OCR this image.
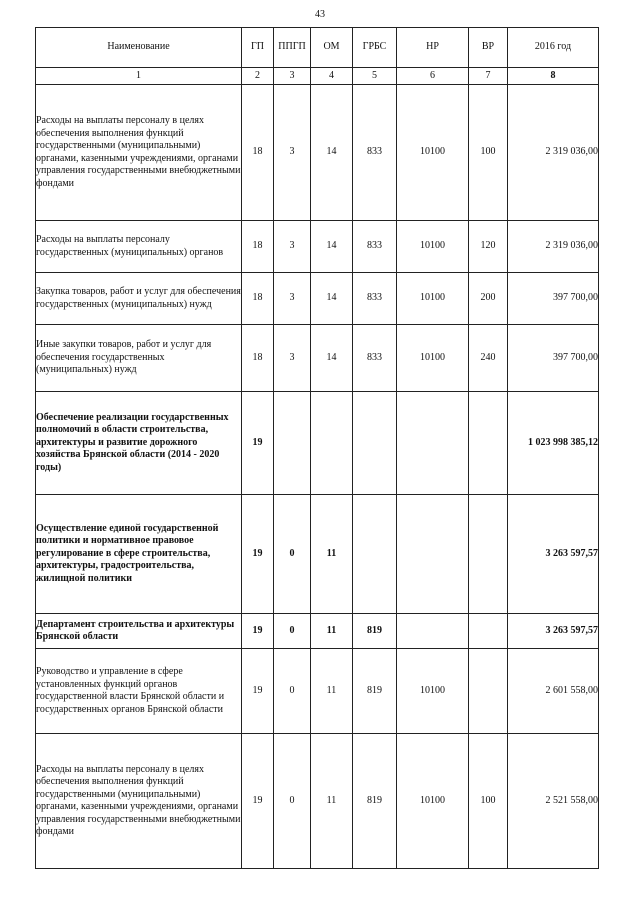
43
Наименование	ГП	ППГП	ОМ	ГРБС	НР	ВР	2016 год
1	2	3	4	5	6	7	8
Расходы на выплаты персоналу в целях обеспечения выполнения функций государственными (муниципальными) органами, казенными учреждениями, органами управления государственными внебюджетными фондами	18	3	14	833	10100	100	2 319 036,00
Расходы на выплаты персоналу государственных (муниципальных) органов	18	3	14	833	10100	120	2 319 036,00
Закупка товаров, работ и услуг для обеспечения государственных (муниципальных) нужд	18	3	14	833	10100	200	397 700,00
Иные закупки товаров, работ и услуг для обеспечения государственных (муниципальных) нужд	18	3	14	833	10100	240	397 700,00
Обеспечение реализации государственных полномочий в области строительства, архитектуры и развитие дорожного хозяйства Брянской области (2014 - 2020 годы)	19						1 023 998 385,12
Осуществление единой государственной политики и нормативное правовое регулирование в сфере строительства, архитектуры, градостроительства, жилищной политики	19	0	11				3 263 597,57
Департамент строительства и архитектуры Брянской области	19	0	11	819			3 263 597,57
Руководство и управление в сфере установленных функций органов государственной власти Брянской области и государственных органов Брянской области	19	0	11	819	10100		2 601 558,00
Расходы на выплаты персоналу в целях обеспечения выполнения функций государственными (муниципальными) органами, казенными учреждениями, органами управления государственными внебюджетными фондами	19	0	11	819	10100	100	2 521 558,00
